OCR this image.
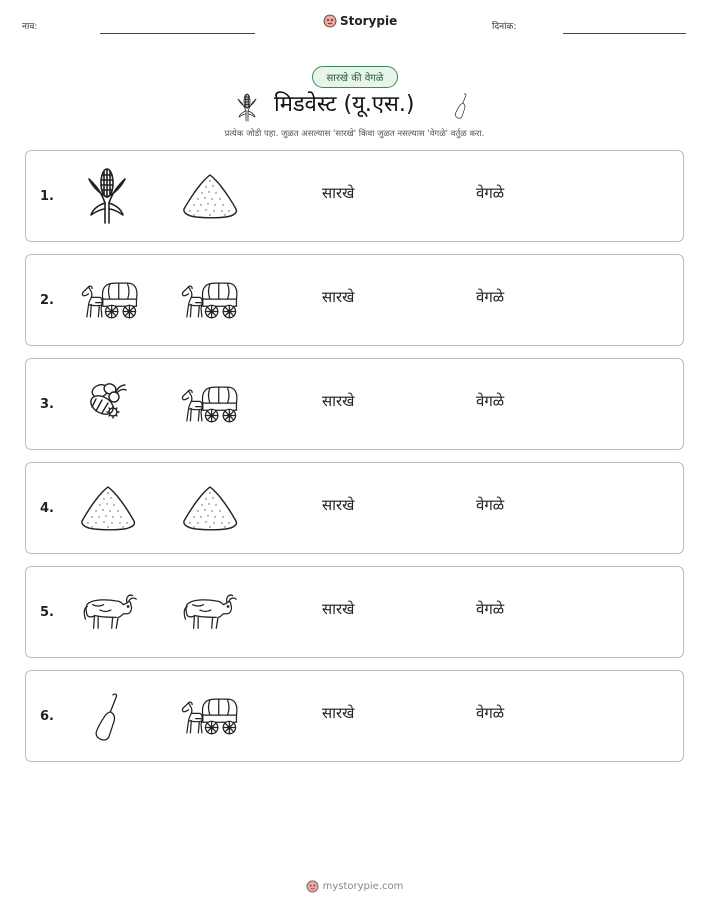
नाव:	Storypie	दिनांक:
सारखे की वेगळे
मिडवेस्ट (यू.एस.)
प्रत्येक जोडी पहा. जुळत असल्यास 'सारखे' किंवा जुळत नसल्यास 'वेगळे' वर्तुळ करा.
1.	सारखे	वेगळे
2.	सारखे	वेगळे
3.	सारखे	वेगळे
4.	सारखे	वेगळे
5.	सारखे	वेगळे
6.	सारखे	वेगळे
mystorypie.com
